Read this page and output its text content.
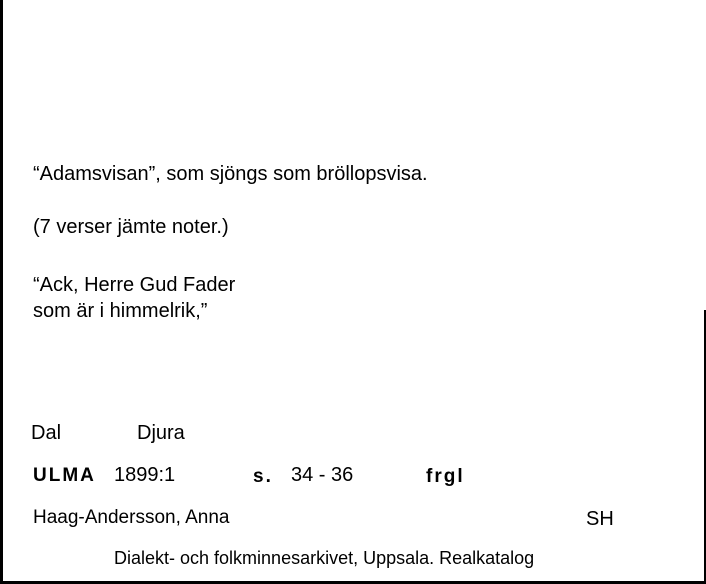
“Adamsvisan”, som sjöngs som bröllopsvisa.
(7 verser jämte noter.)
“Ack, Herre Gud Fader
som är i himmelrik,”
Dal	Djura
ULMA 1899:1	s. 34 - 36	frgl
Haag-Andersson, Anna	SH
Dialekt- och folkminnesarkivet, Uppsala. Realkatalog
